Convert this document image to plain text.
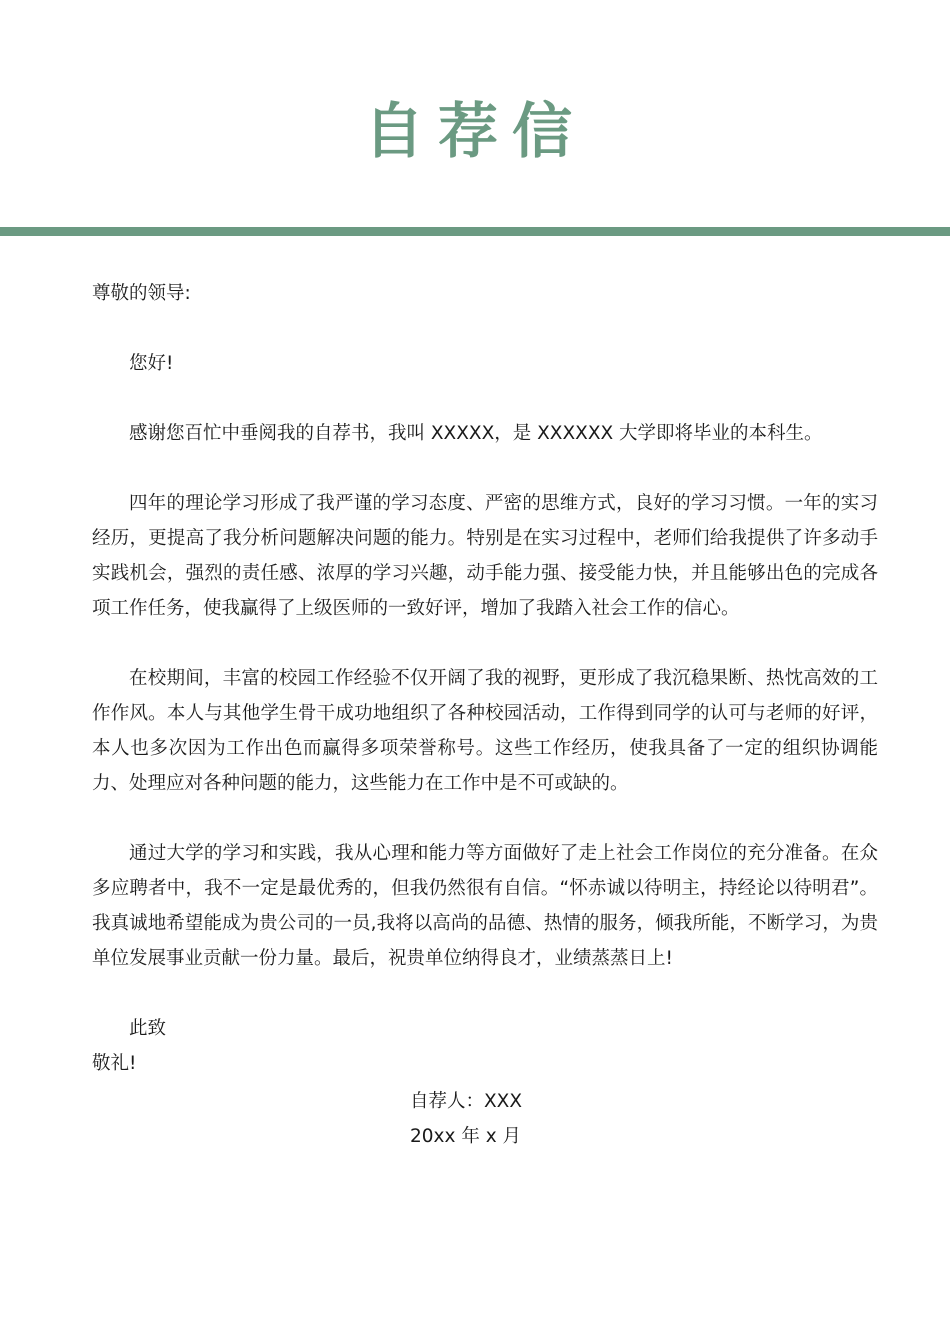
自荐信

尊敬的领导:

您好!

感谢您百忙中垂阅我的自荐书，我叫 XXXXX，是 XXXXXX 大学即将毕业的本科生。

四年的理论学习形成了我严谨的学习态度、严密的思维方式，良好的学习习惯。一年的实习经历，更提高了我分析问题解决问题的能力。特别是在实习过程中，老师们给我提供了许多动手实践机会，强烈的责任感、浓厚的学习兴趣，动手能力强、接受能力快，并且能够出色的完成各项工作任务，使我赢得了上级医师的一致好评，增加了我踏入社会工作的信心。

在校期间，丰富的校园工作经验不仅开阔了我的视野，更形成了我沉稳果断、热忱高效的工作作风。本人与其他学生骨干成功地组织了各种校园活动，工作得到同学的认可与老师的好评，本人也多次因为工作出色而赢得多项荣誉称号。这些工作经历，使我具备了一定的组织协调能力、处理应对各种问题的能力，这些能力在工作中是不可或缺的。

通过大学的学习和实践，我从心理和能力等方面做好了走上社会工作岗位的充分准备。在众多应聘者中，我不一定是最优秀的，但我仍然很有自信。“怀赤诚以待明主，持经论以待明君”。我真诚地希望能成为贵公司的一员,我将以高尚的品德、热情的服务，倾我所能，不断学习，为贵单位发展事业贡献一份力量。最后，祝贵单位纳得良才，业绩蒸蒸日上!

此致

敬礼!

自荐人：XXX

20xx 年 x 月
